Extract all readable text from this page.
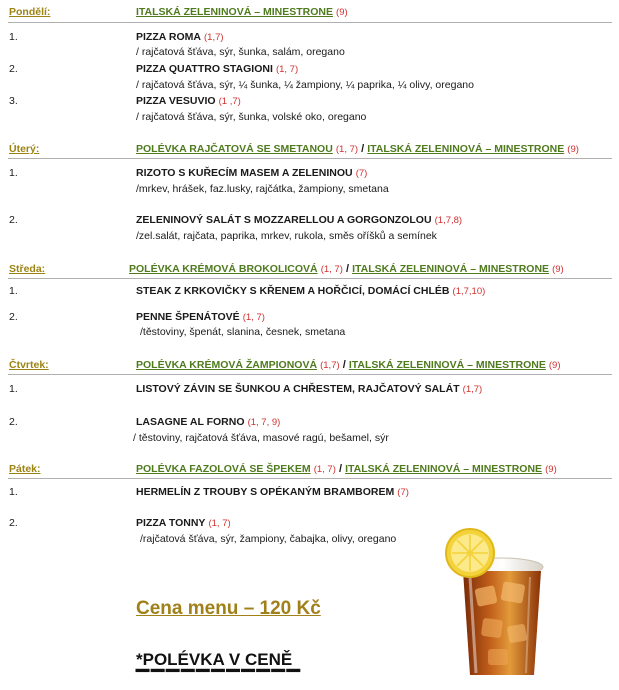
Pondělí:	ITALSKÁ ZELENINOVÁ – MINESTRONE (9)
1.	PIZZA ROMA (1,7)
/ rajčatová šťáva, sýr, šunka, salám, oregano
2.	PIZZA QUATTRO STAGIONI (1, 7)
/ rajčatová šťáva, sýr, ¼ šunka, ¼ žampiony, ¼ paprika, ¼ olivy, oregano
3.	PIZZA VESUVIO (1 ,7)
/ rajčatová šťáva, sýr, šunka, volské oko, oregano
Úterý:	POLÉVKA RAJČATOVÁ SE SMETANOU (1, 7) / ITALSKÁ ZELENINOVÁ – MINESTRONE (9)
1.	RIZOTO S KUŘECÍM MASEM A ZELENINOU (7)
/mrkev, hrášek, faz.lusky, rajčátka, žampiony, smetana
2.	ZELENINOVÝ SALÁT S MOZZARELLOU A GORGONZOLOU (1,7,8)
/zel.salát, rajčata, paprika, mrkev, rukola, směs oříšků a semínek
Středa:	POLÉVKA KRÉMOVÁ BROKOLICOVÁ (1, 7) / ITALSKÁ ZELENINOVÁ – MINESTRONE (9)
1.	STEAK Z KRKOVIČKY S KŘENEM A HOŘČICÍ, DOMÁCÍ CHLÉB (1,7,10)
2.	PENNE ŠPENÁTOVÉ (1, 7)
/těstoviny, špenát, slanina, česnek, smetana
Čtvrtek:	POLÉVKA KRÉMOVÁ ŽAMPIONOVÁ (1,7) / ITALSKÁ ZELENINOVÁ – MINESTRONE (9)
1.	LISTOVÝ ZÁVIN SE ŠUNKOU A CHŘESTEM, RAJČATOVÝ SALÁT (1,7)
2.	LASAGNE AL FORNO (1, 7, 9)
/ těstoviny, rajčatová šťáva, masové ragú, bešamel, sýr
Pátek:	POLÉVKA FAZOLOVÁ SE ŠPEKEM (1, 7) / ITALSKÁ ZELENINOVÁ – MINESTRONE (9)
1.	HERMELÍN Z TROUBY S OPÉKANÝM BRAMBOREM (7)
2.	PIZZA TONNY (1, 7)
/rajčatová šťáva, sýr, žampiony, čabajka, olivy, oregano
Cena menu – 120 Kč
*POLÉVKA V CENĚ
▔▔▔▔▔▔▔▔▔▔▔
